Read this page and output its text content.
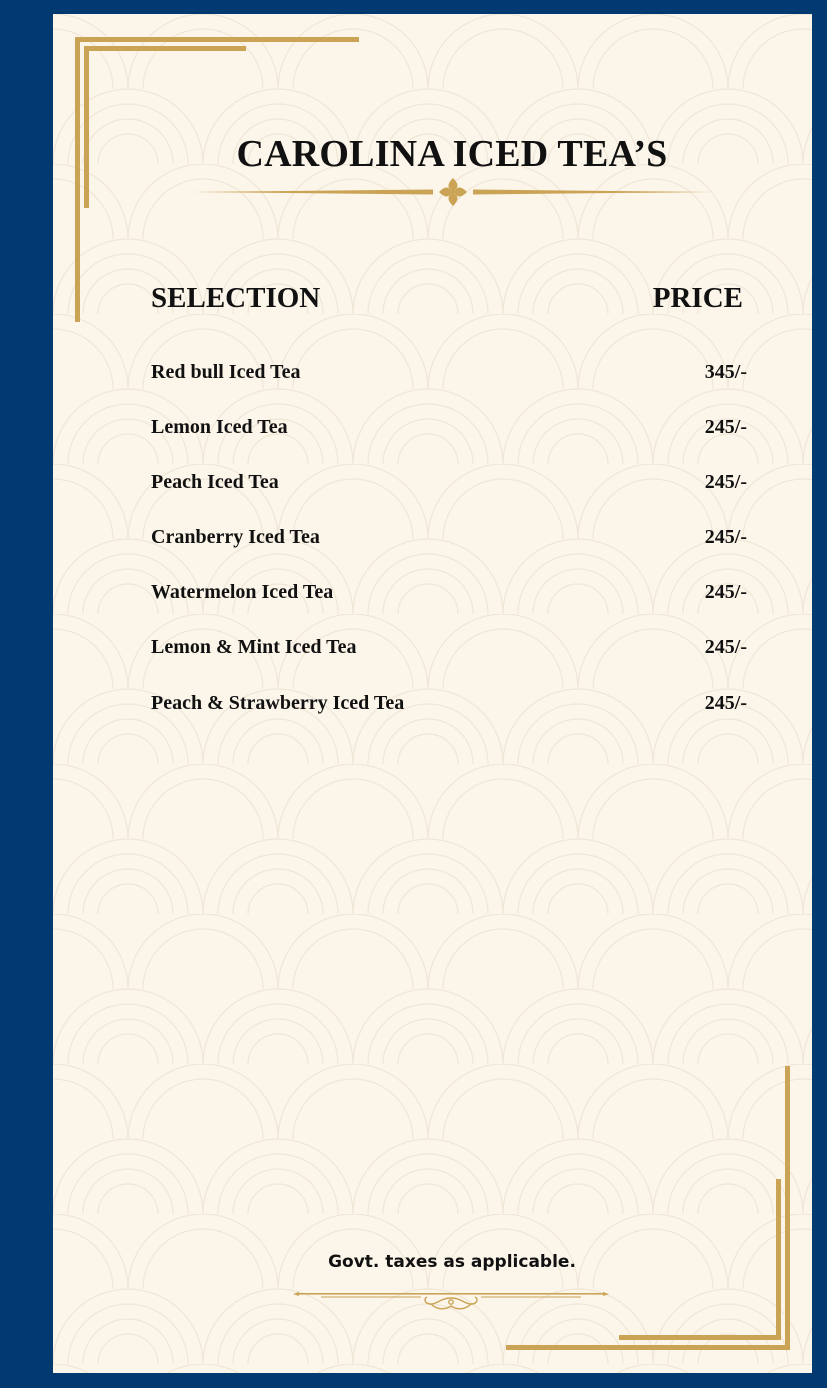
CAROLINA ICED TEA’S
SELECTION	PRICE
Red bull Iced Tea	345/-
Lemon Iced Tea	245/-
Peach Iced Tea	245/-
Cranberry Iced Tea	245/-
Watermelon Iced Tea	245/-
Lemon & Mint Iced Tea	245/-
Peach & Strawberry Iced Tea	245/-
Govt. taxes as applicable.
